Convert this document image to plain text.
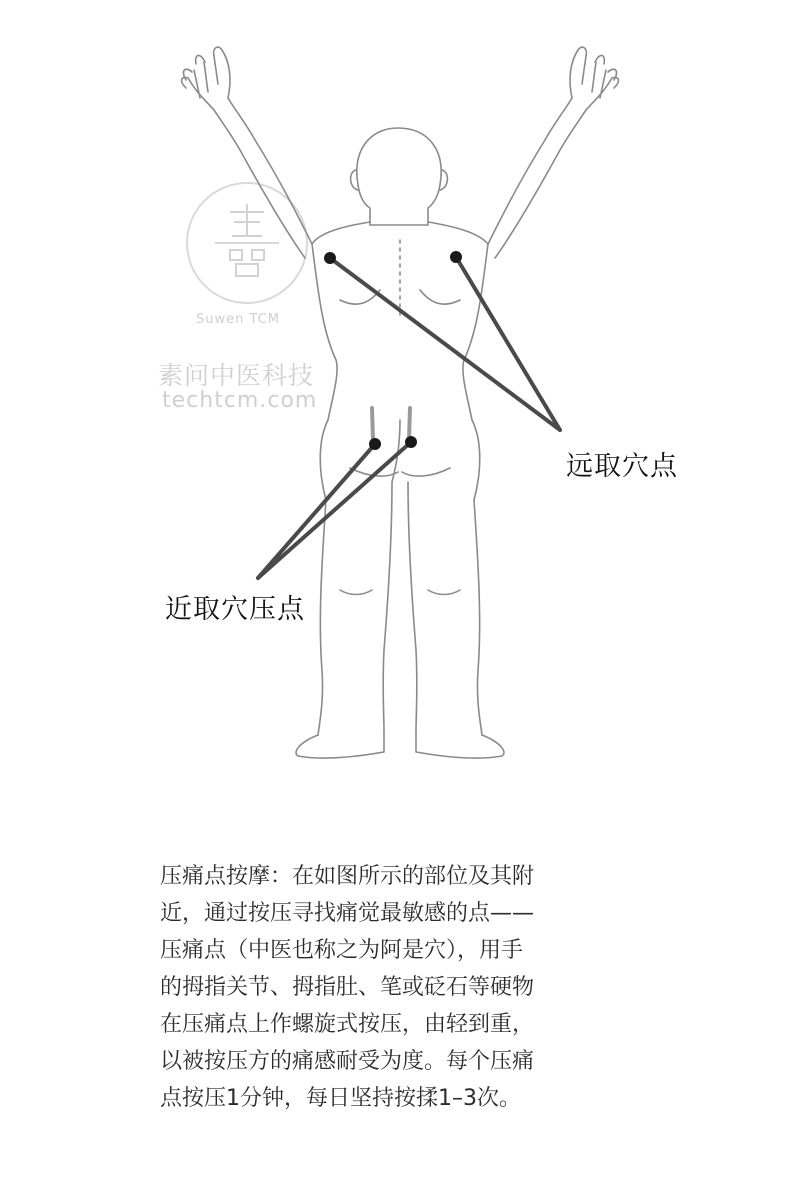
Suwen TCM
素问中医科技
techtcm.com
远取穴点
近取穴压点

压痛点按摩：在如图所示的部位及其附

近，通过按压寻找痛觉最敏感的点——

压痛点（中医也称之为阿是穴），用手

的拇指关节、拇指肚、笔或砭石等硬物

在压痛点上作螺旋式按压，由轻到重，

以被按压方的痛感耐受为度。每个压痛

点按压1分钟，每日坚持按揉1–3次。
